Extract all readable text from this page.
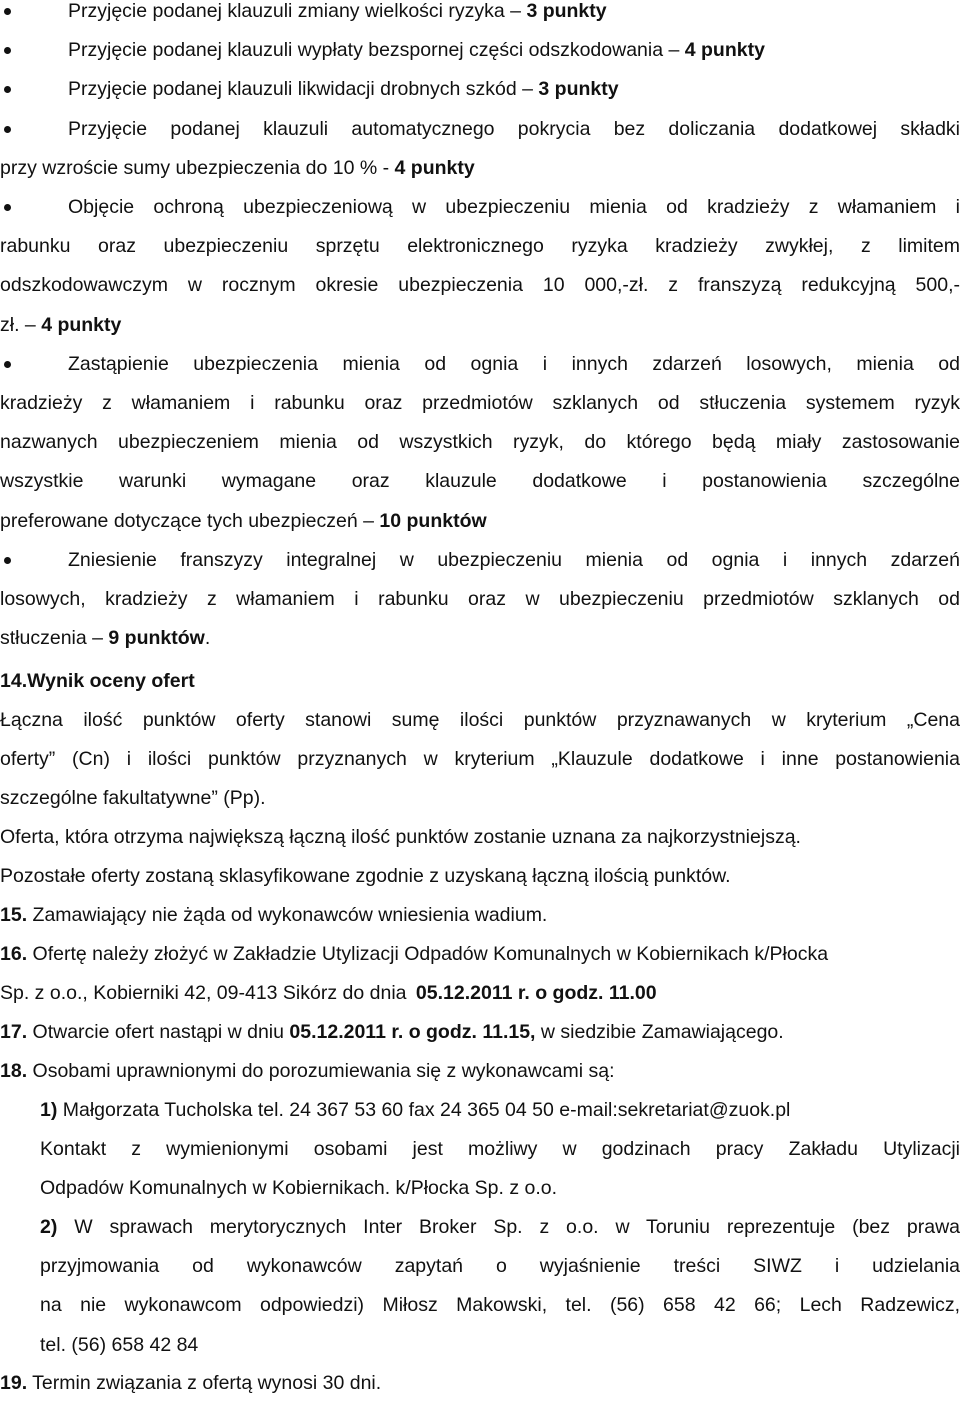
Przyjęcie podanej klauzuli zmiany wielkości ryzyka – 3 punkty

Przyjęcie podanej klauzuli wypłaty bezspornej części odszkodowania – 4 punkty

Przyjęcie podanej klauzuli likwidacji drobnych szkód – 3 punkty

Przyjęcie podanej klauzuli automatycznego pokrycia bez doliczania dodatkowej składki
przy wzroście sumy ubezpieczenia do 10 % - 4 punkty

Objęcie ochroną ubezpieczeniową w ubezpieczeniu mienia od kradzieży z włamaniem i
rabunku oraz ubezpieczeniu sprzętu elektronicznego ryzyka kradzieży zwykłej, z limitem
odszkodowawczym w rocznym okresie ubezpieczenia 10 000,-zł. z franszyzą redukcyjną 500,-
zł. – 4 punkty

Zastąpienie ubezpieczenia mienia od ognia i innych zdarzeń losowych, mienia od
kradzieży z włamaniem i rabunku oraz przedmiotów szklanych od stłuczenia systemem ryzyk
nazwanych ubezpieczeniem mienia od wszystkich ryzyk, do którego będą miały zastosowanie
wszystkie warunki wymagane oraz klauzule dodatkowe i postanowienia szczególne
preferowane dotyczące tych ubezpieczeń – 10 punktów

Zniesienie franszyzy integralnej w ubezpieczeniu mienia od ognia i innych zdarzeń
losowych, kradzieży z włamaniem i rabunku oraz w ubezpieczeniu przedmiotów szklanych od
stłuczenia – 9 punktów.

14.Wynik oceny ofert

Łączna ilość punktów oferty stanowi sumę ilości punktów przyznawanych w kryterium „Cena
oferty” (Cn) i ilości punktów przyznanych w kryterium „Klauzule dodatkowe i inne postanowienia
szczególne fakultatywne” (Pp).

Oferta, która otrzyma największą łączną ilość punktów zostanie uznana za najkorzystniejszą.

Pozostałe oferty zostaną sklasyfikowane zgodnie z uzyskaną łączną ilością punktów.

15. Zamawiający nie żąda od wykonawców wniesienia wadium.

16. Ofertę należy złożyć w Zakładzie Utylizacji Odpadów Komunalnych w Kobiernikach k/Płocka

Sp. z o.o., Kobierniki 42, 09-413 Sikórz do dnia 05.12.2011 r. o godz. 11.00

17. Otwarcie ofert nastąpi w dniu 05.12.2011 r. o godz. 11.15, w siedzibie Zamawiającego.

18. Osobami uprawnionymi do porozumiewania się z wykonawcami są:

1) Małgorzata Tucholska tel. 24 367 53 60 fax 24 365 04 50 e-mail:sekretariat@zuok.pl

Kontakt z wymienionymi osobami jest możliwy w godzinach pracy Zakładu Utylizacji
Odpadów Komunalnych w Kobiernikach. k/Płocka Sp. z o.o.

2) W sprawach merytorycznych Inter Broker Sp. z o.o. w Toruniu reprezentuje (bez prawa
przyjmowania od wykonawców zapytań o wyjaśnienie treści SIWZ i udzielania
na nie wykonawcom odpowiedzi) Miłosz Makowski, tel. (56) 658 42 66; Lech Radzewicz,
tel. (56) 658 42 84

19. Termin związania z ofertą wynosi 30 dni.
